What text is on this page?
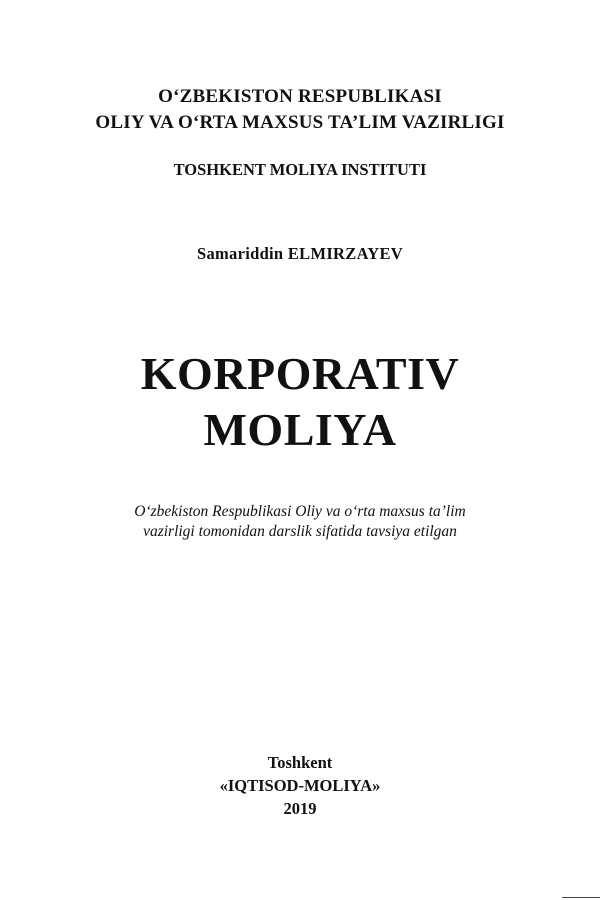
O‘ZBEKISTON RESPUBLIKASI
OLIY VA O‘RTA MAXSUS TA’LIM VAZIRLIGI
TOSHKENT MOLIYA INSTITUTI
Samariddin ELMIRZAYEV
KORPORATIV
MOLIYA
O‘zbekiston Respublikasi Oliy va o‘rta maxsus ta’lim
vazirligi tomonidan darslik sifatida tavsiya etilgan
Toshkent
«IQTISOD-MOLIYA»
2019
